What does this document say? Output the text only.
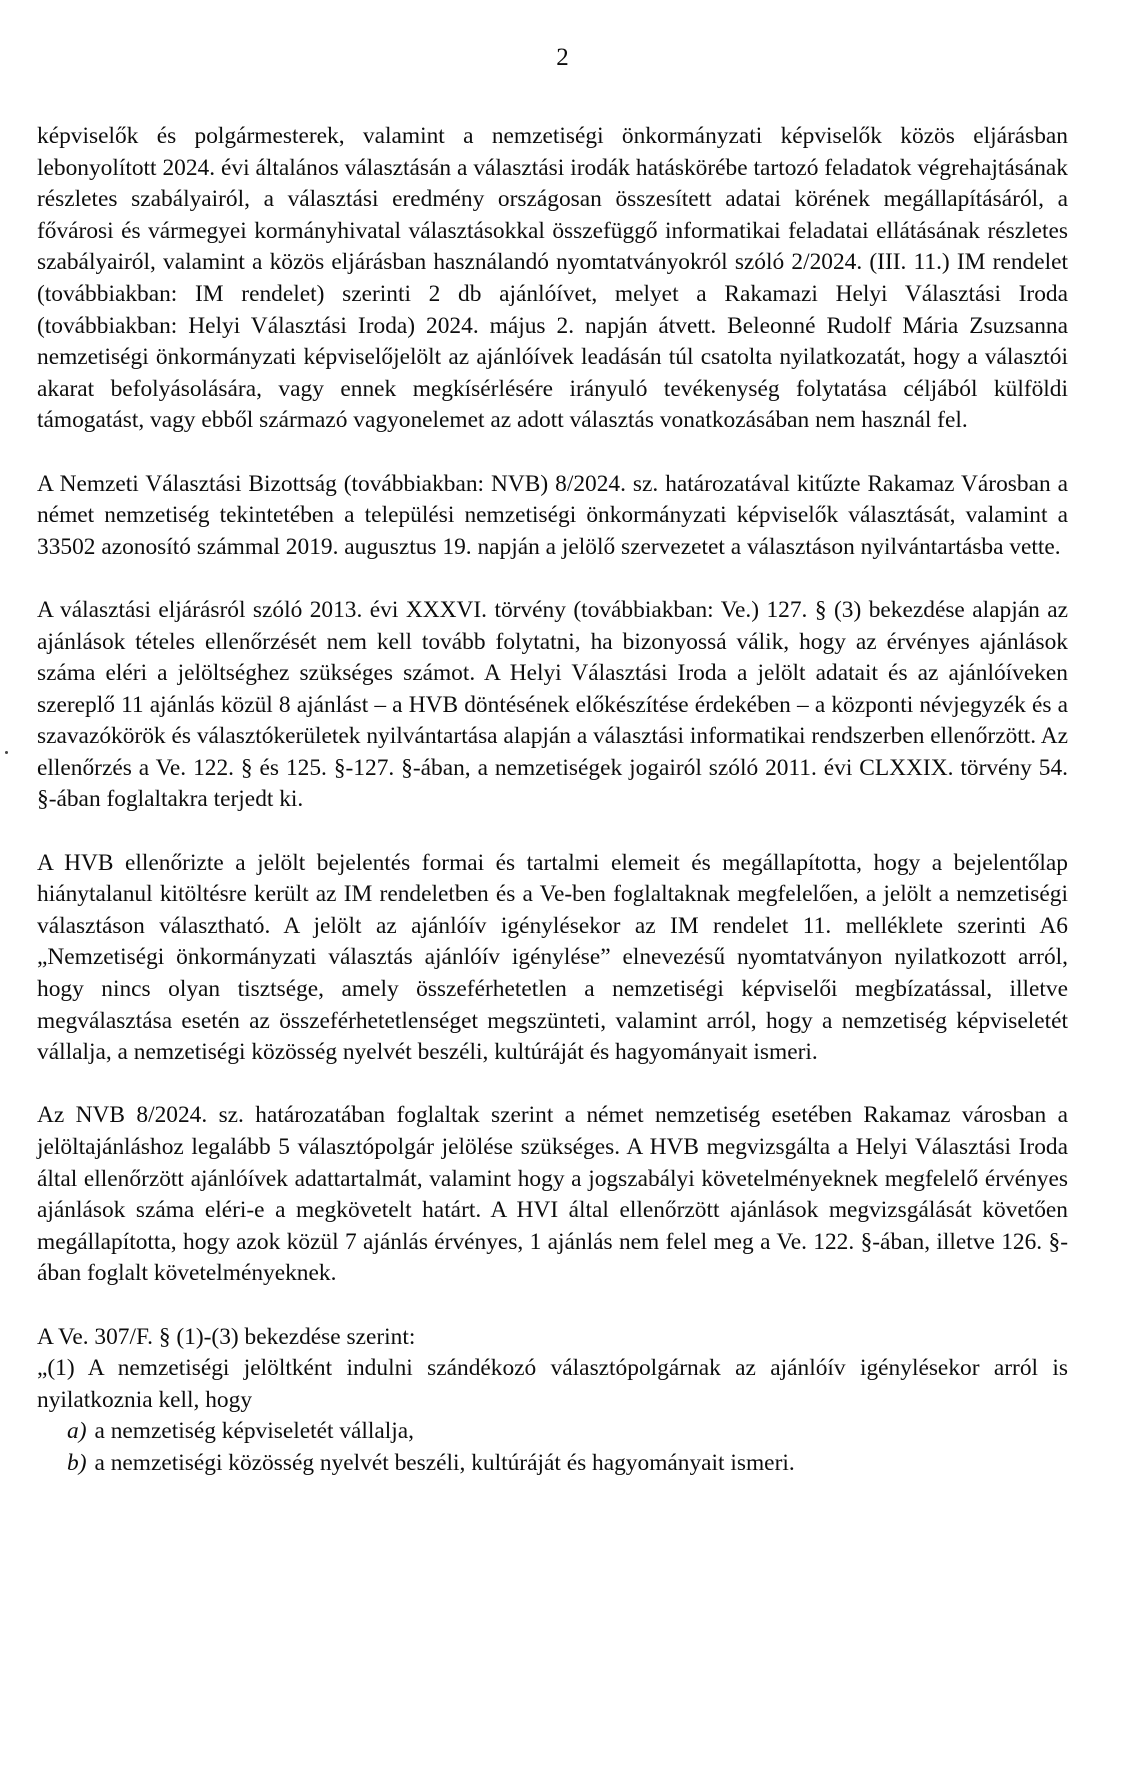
2

képviselők és polgármesterek, valamint a nemzetiségi önkormányzati képviselők közös eljárásban lebonyolított 2024. évi általános választásán a választási irodák hatáskörébe tartozó feladatok végrehajtásának részletes szabályairól, a választási eredmény országosan összesített adatai körének megállapításáról, a fővárosi és vármegyei kormányhivatal választásokkal összefüggő informatikai feladatai ellátásának részletes szabályairól, valamint a közös eljárásban használandó nyomtatványokról szóló 2/2024. (III. 11.) IM rendelet (továbbiakban: IM rendelet) szerinti 2 db ajánlóívet, melyet a Rakamazi Helyi Választási Iroda (továbbiakban: Helyi Választási Iroda) 2024. május 2. napján átvett. Beleonné Rudolf Mária Zsuzsanna nemzetiségi önkormányzati képviselőjelölt az ajánlóívek leadásán túl csatolta nyilatkozatát, hogy a választói akarat befolyásolására, vagy ennek megkísérlésére irányuló tevékenység folytatása céljából külföldi támogatást, vagy ebből származó vagyonelemet az adott választás vonatkozásában nem használ fel.

A Nemzeti Választási Bizottság (továbbiakban: NVB) 8/2024. sz. határozatával kitűzte Rakamaz Városban a német nemzetiség tekintetében a települési nemzetiségi önkormányzati képviselők választását, valamint a 33502 azonosító számmal 2019. augusztus 19. napján a jelölő szervezetet a választáson nyilvántartásba vette.

A választási eljárásról szóló 2013. évi XXXVI. törvény (továbbiakban: Ve.) 127. § (3) bekezdése alapján az ajánlások tételes ellenőrzését nem kell tovább folytatni, ha bizonyossá válik, hogy az érvényes ajánlások száma eléri a jelöltséghez szükséges számot. A Helyi Választási Iroda a jelölt adatait és az ajánlóíveken szereplő 11 ajánlás közül 8 ajánlást – a HVB döntésének előkészítése érdekében – a központi névjegyzék és a szavazókörök és választókerületek nyilvántartása alapján a választási informatikai rendszerben ellenőrzött. Az ellenőrzés a Ve. 122. § és 125. §-127. §-ában, a nemzetiségek jogairól szóló 2011. évi CLXXIX. törvény 54. §-ában foglaltakra terjedt ki.

A HVB ellenőrizte a jelölt bejelentés formai és tartalmi elemeit és megállapította, hogy a bejelentőlap hiánytalanul kitöltésre került az IM rendeletben és a Ve-ben foglaltaknak megfelelően, a jelölt a nemzetiségi választáson választható. A jelölt az ajánlóív igénylésekor az IM rendelet 11. melléklete szerinti A6 „Nemzetiségi önkormányzati választás ajánlóív igénylése” elnevezésű nyomtatványon nyilatkozott arról, hogy nincs olyan tisztsége, amely összeférhetetlen a nemzetiségi képviselői megbízatással, illetve megválasztása esetén az összeférhetetlenséget megszünteti, valamint arról, hogy a nemzetiség képviseletét vállalja, a nemzetiségi közösség nyelvét beszéli, kultúráját és hagyományait ismeri.

Az NVB 8/2024. sz. határozatában foglaltak szerint a német nemzetiség esetében Rakamaz városban a jelöltajánláshoz legalább 5 választópolgár jelölése szükséges. A HVB megvizsgálta a Helyi Választási Iroda által ellenőrzött ajánlóívek adattartalmát, valamint hogy a jogszabályi követelményeknek megfelelő érvényes ajánlások száma eléri-e a megkövetelt határt. A HVI által ellenőrzött ajánlások megvizsgálását követően megállapította, hogy azok közül 7 ajánlás érvényes, 1 ajánlás nem felel meg a Ve. 122. §-ában, illetve 126. §-ában foglalt követelményeknek.

A Ve. 307/F. § (1)-(3) bekezdése szerint:

„(1) A nemzetiségi jelöltként indulni szándékozó választópolgárnak az ajánlóív igénylésekor arról is nyilatkoznia kell, hogy

a) a nemzetiség képviseletét vállalja,
b) a nemzetiségi közösség nyelvét beszéli, kultúráját és hagyományait ismeri.
